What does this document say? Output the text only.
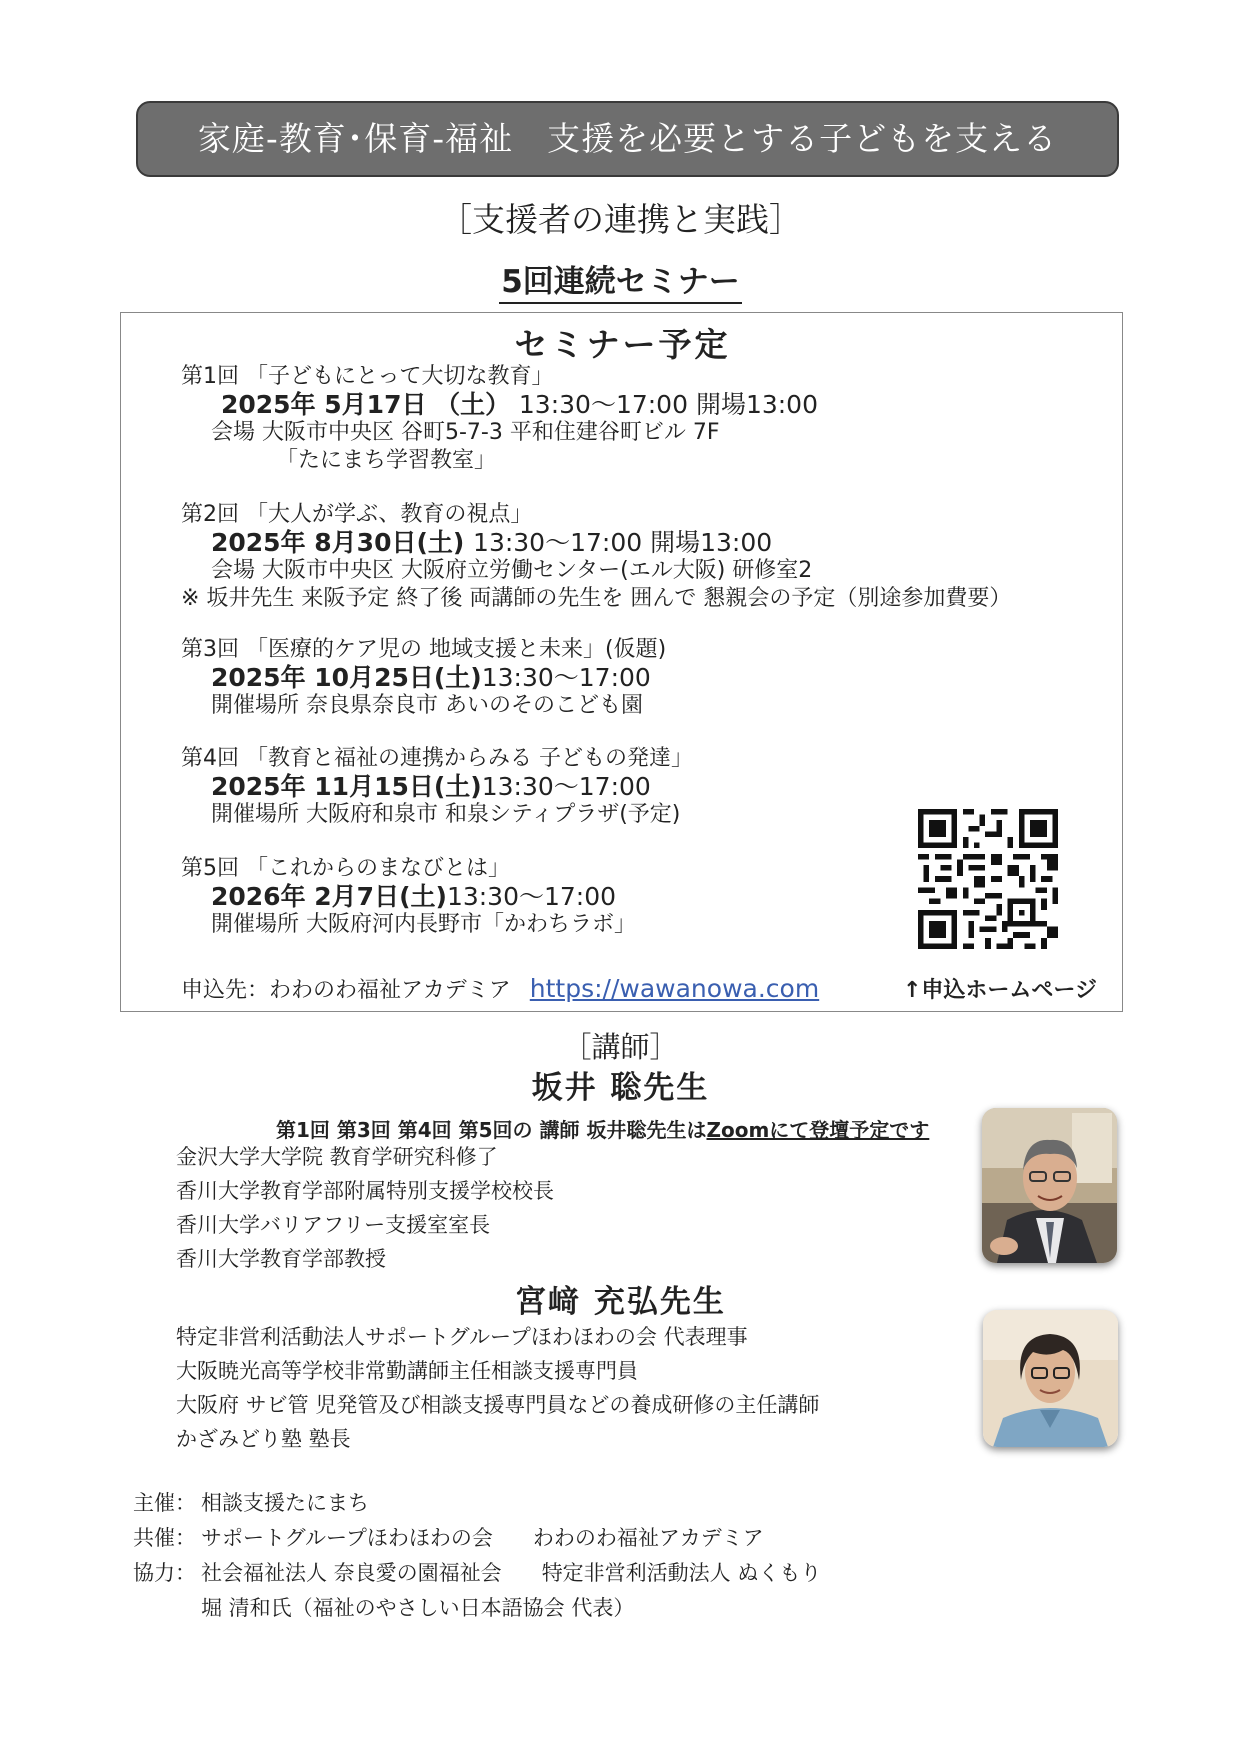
家庭-教育･保育-福祉　支援を必要とする子どもを支える
［支援者の連携と実践］
5回連続セミナー
セミナー予定
第1回 「子どもにとって大切な教育」
2025年 5月17日 （土） 13:30～17:00 開場13:00
会場 大阪市中央区 谷町5-7-3 平和住建谷町ビル 7F
「たにまち学習教室」
第2回 「大人が学ぶ、教育の視点」
2025年 8月30日(土) 13:30～17:00 開場13:00
会場 大阪市中央区 大阪府立労働センター(エル大阪) 研修室2
※ 坂井先生 来阪予定 終了後 両講師の先生を 囲んで 懇親会の予定（別途参加費要）
第3回 「医療的ケア児の 地域支援と未来」(仮題)
2025年 10月25日(土)13:30～17:00
開催場所 奈良県奈良市 あいのそのこども園
第4回 「教育と福祉の連携からみる 子どもの発達」
2025年 11月15日(土)13:30～17:00
開催場所 大阪府和泉市 和泉シティプラザ(予定)
第5回 「これからのまなびとは」
2026年 2月7日(土)13:30～17:00
開催場所 大阪府河内長野市「かわちラボ」
申込先：わわのわ福祉アカデミア https://wawanowa.com	↑申込ホームページ
［講師］
坂井 聡先生
第1回 第3回 第4回 第5回の 講師 坂井聡先生はZoomにて登壇予定です
金沢大学大学院 教育学研究科修了
香川大学教育学部附属特別支援学校校長
香川大学バリアフリー支援室室長
香川大学教育学部教授
宮﨑 充弘先生
特定非営利活動法人サポートグループほわほわの会 代表理事
大阪暁光高等学校非常勤講師主任相談支援専門員
大阪府 サビ管 児発管及び相談支援専門員などの養成研修の主任講師
かざみどり塾 塾長
主催： 相談支援たにまち
共催： サポートグループほわほわの会 わわのわ福祉アカデミア
協力： 社会福祉法人 奈良愛の園福祉会 特定非営利活動法人 ぬくもり
堀 清和氏（福祉のやさしい日本語協会 代表）
